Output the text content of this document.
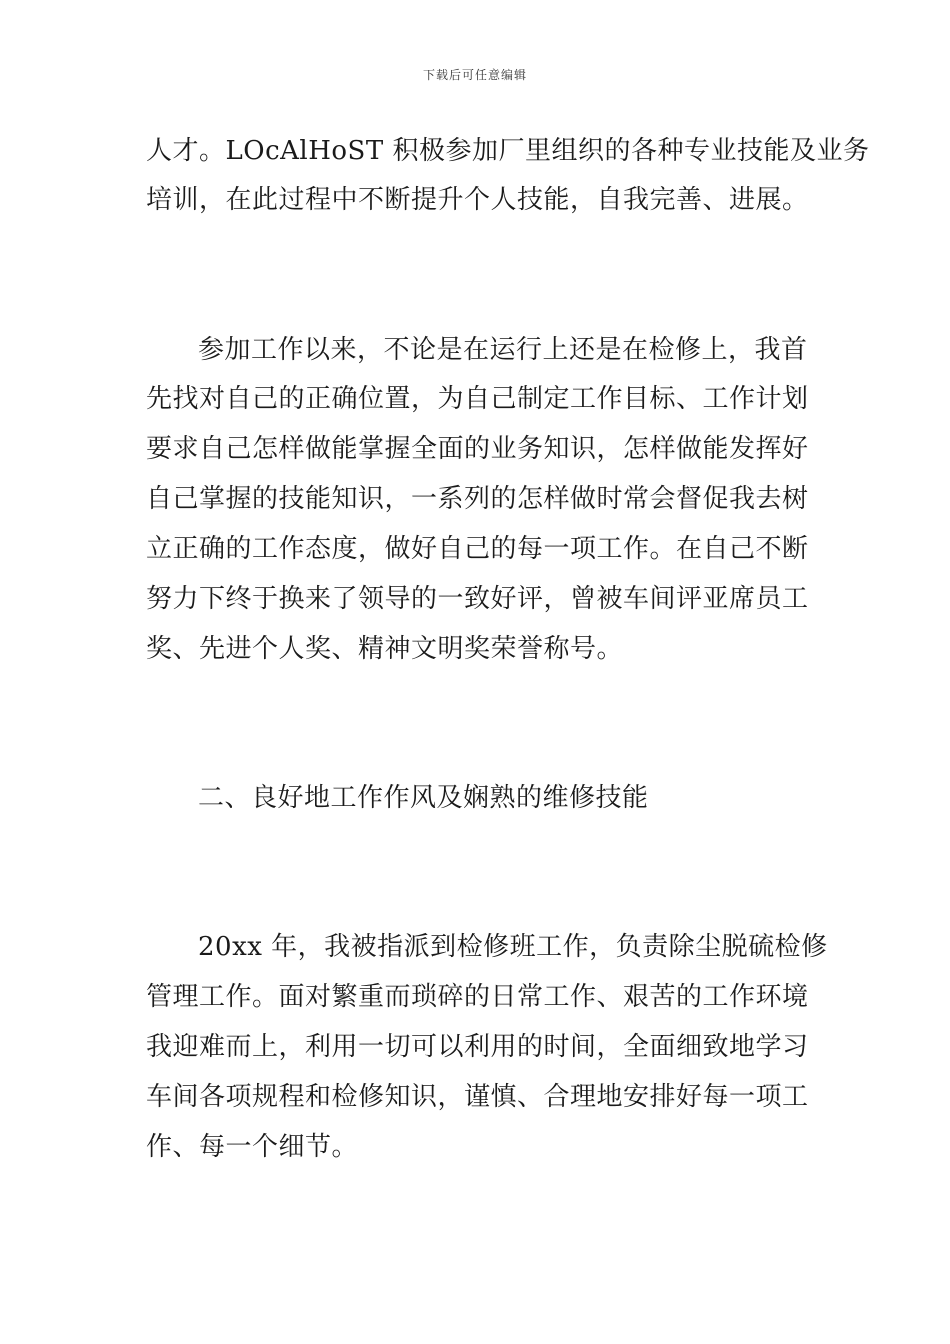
下载后可任意编辑
人才。LOcAlHoST 积极参加厂里组织的各种专业技能及业务
培训，在此过程中不断提升个人技能，自我完善、进展。
参加工作以来，不论是在运行上还是在检修上，我首
先找对自己的正确位置，为自己制定工作目标、工作计划
要求自己怎样做能掌握全面的业务知识，怎样做能发挥好
自己掌握的技能知识，一系列的怎样做时常会督促我去树
立正确的工作态度，做好自己的每一项工作。在自己不断
努力下终于换来了领导的一致好评，曾被车间评亚席员工
奖、先进个人奖、精神文明奖荣誉称号。
二、良好地工作作风及娴熟的维修技能
20xx 年，我被指派到检修班工作，负责除尘脱硫检修
管理工作。面对繁重而琐碎的日常工作、艰苦的工作环境
我迎难而上，利用一切可以利用的时间，全面细致地学习
车间各项规程和检修知识，谨慎、合理地安排好每一项工
作、每一个细节。
